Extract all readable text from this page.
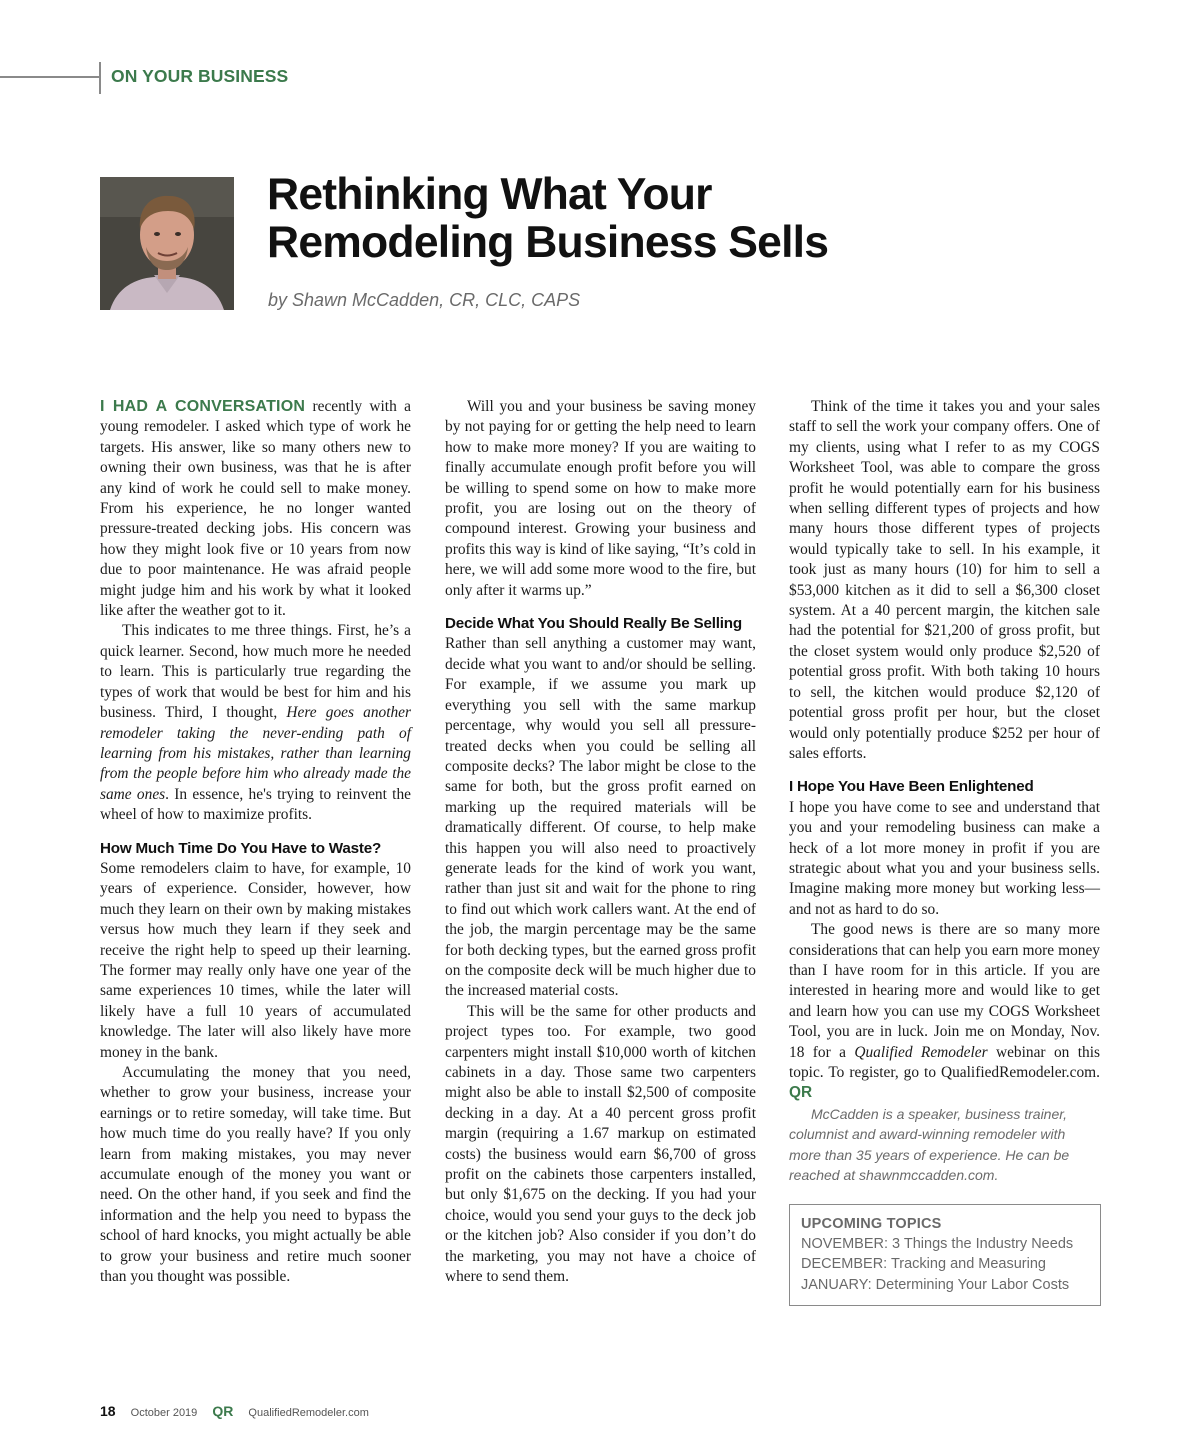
ON YOUR BUSINESS
Rethinking What Your Remodeling Business Sells
by Shawn McCadden, CR, CLC, CAPS

I HAD A CONVERSATION recently with a young remodeler. I asked which type of work he targets. His answer, like so many others new to owning their own business, was that he is after any kind of work he could sell to make money. From his experience, he no longer wanted pressure-treated decking jobs. His concern was how they might look five or 10 years from now due to poor maintenance. He was afraid people might judge him and his work by what it looked like after the weather got to it.

This indicates to me three things. First, he’s a quick learner. Second, how much more he needed to learn. This is particularly true regarding the types of work that would be best for him and his business. Third, I thought, Here goes another remodeler taking the never-ending path of learning from his mistakes, rather than learning from the people before him who already made the same ones. In essence, he's trying to reinvent the wheel of how to maximize profits.

How Much Time Do You Have to Waste?

Some remodelers claim to have, for example, 10 years of experience. Consider, however, how much they learn on their own by making mistakes versus how much they learn if they seek and receive the right help to speed up their learning. The former may really only have one year of the same experiences 10 times, while the later will likely have a full 10 years of accumulated knowledge. The later will also likely have more money in the bank.

Accumulating the money that you need, whether to grow your business, increase your earnings or to retire someday, will take time. But how much time do you really have? If you only learn from making mistakes, you may never accumulate enough of the money you want or need. On the other hand, if you seek and find the information and the help you need to bypass the school of hard knocks, you might actually be able to grow your business and retire much sooner than you thought was possible.

Will you and your business be saving money by not paying for or getting the help need to learn how to make more money? If you are waiting to finally accumulate enough profit before you will be willing to spend some on how to make more profit, you are losing out on the theory of compound interest. Growing your business and profits this way is kind of like saying, “It’s cold in here, we will add some more wood to the fire, but only after it warms up.”

Decide What You Should Really Be Selling

Rather than sell anything a customer may want, decide what you want to and/or should be selling. For example, if we assume you mark up everything you sell with the same markup percentage, why would you sell all pressure-treated decks when you could be selling all composite decks? The labor might be close to the same for both, but the gross profit earned on marking up the required materials will be dramatically different. Of course, to help make this happen you will also need to proactively generate leads for the kind of work you want, rather than just sit and wait for the phone to ring to find out which work callers want. At the end of the job, the margin percentage may be the same for both decking types, but the earned gross profit on the composite deck will be much higher due to the increased material costs.

This will be the same for other products and project types too. For example, two good carpenters might install $10,000 worth of kitchen cabinets in a day. Those same two carpenters might also be able to install $2,500 of composite decking in a day. At a 40 percent gross profit margin (requiring a 1.67 markup on estimated costs) the business would earn $6,700 of gross profit on the cabinets those carpenters installed, but only $1,675 on the decking. If you had your choice, would you send your guys to the deck job or the kitchen job? Also consider if you don’t do the marketing, you may not have a choice of where to send them.

Think of the time it takes you and your sales staff to sell the work your company offers. One of my clients, using what I refer to as my COGS Worksheet Tool, was able to compare the gross profit he would potentially earn for his business when selling different types of projects and how many hours those different types of projects would typically take to sell. In his example, it took just as many hours (10) for him to sell a $53,000 kitchen as it did to sell a $6,300 closet system. At a 40 percent margin, the kitchen sale had the potential for $21,200 of gross profit, but the closet system would only produce $2,520 of potential gross profit. With both taking 10 hours to sell, the kitchen would produce $2,120 of potential gross profit per hour, but the closet would only potentially produce $252 per hour of sales efforts.

I Hope You Have Been Enlightened

I hope you have come to see and understand that you and your remodeling business can make a heck of a lot more money in profit if you are strategic about what you and your business sells. Imagine making more money but working less—and not as hard to do so.

The good news is there are so many more considerations that can help you earn more money than I have room for in this article. If you are interested in hearing more and would like to get and learn how you can use my COGS Worksheet Tool, you are in luck. Join me on Monday, Nov. 18 for a Qualified Remodeler webinar on this topic. To register, go to QualifiedRemodeler.com. QR

McCadden is a speaker, business trainer, columnist and award-winning remodeler with more than 35 years of experience. He can be reached at shawnmccadden.com.

UPCOMING TOPICS
NOVEMBER: 3 Things the Industry Needs
DECEMBER: Tracking and Measuring
JANUARY: Determining Your Labor Costs
18 October 2019 QR QualifiedRemodeler.com
